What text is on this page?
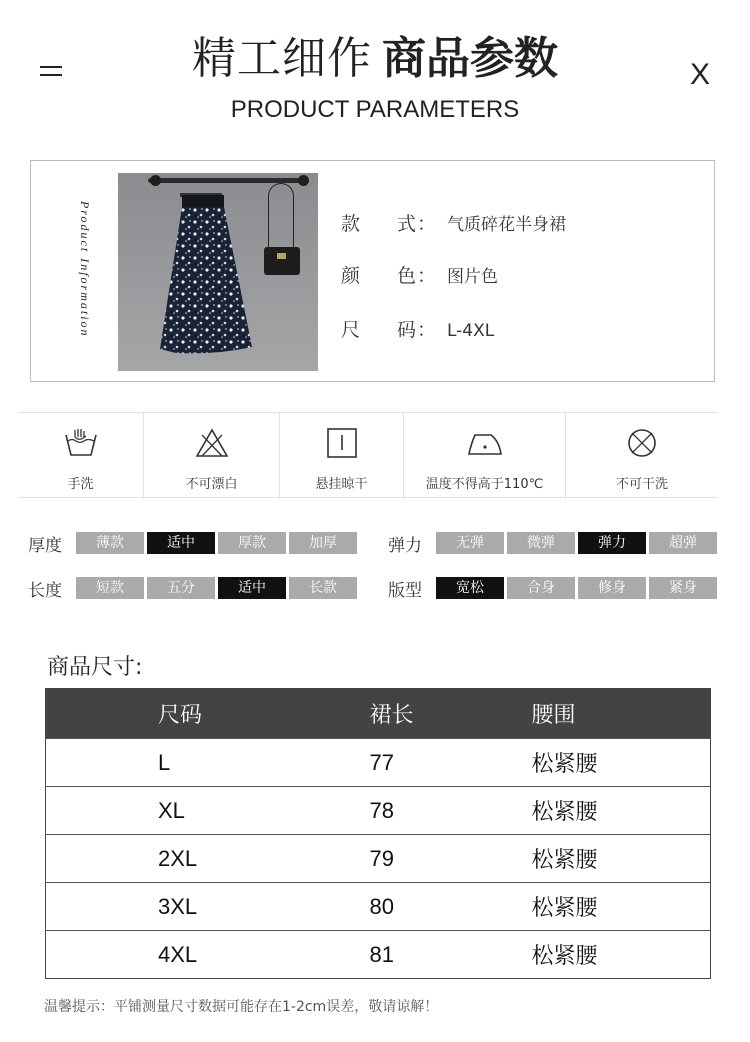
精工细作 商品参数	X
PRODUCT PARAMETERS
Product Information	款 式： 气质碎花半身裙
颜 色： 图片色
尺 码： L-4XL
手洗	不可漂白	悬挂晾干	温度不得高于110℃	不可干洗
厚度	薄款	适中	厚款	加厚	弹力	无弹	微弹	弹力	超弹
长度	短款	五分	适中	长款	版型	宽松	合身	修身	紧身
商品尺寸:
尺码	裙长	腰围
L	77	松紧腰
XL	78	松紧腰
2XL	79	松紧腰
3XL	80	松紧腰
4XL	81	松紧腰
温馨提示：平铺测量尺寸数据可能存在1-2cm误差，敬请谅解！
